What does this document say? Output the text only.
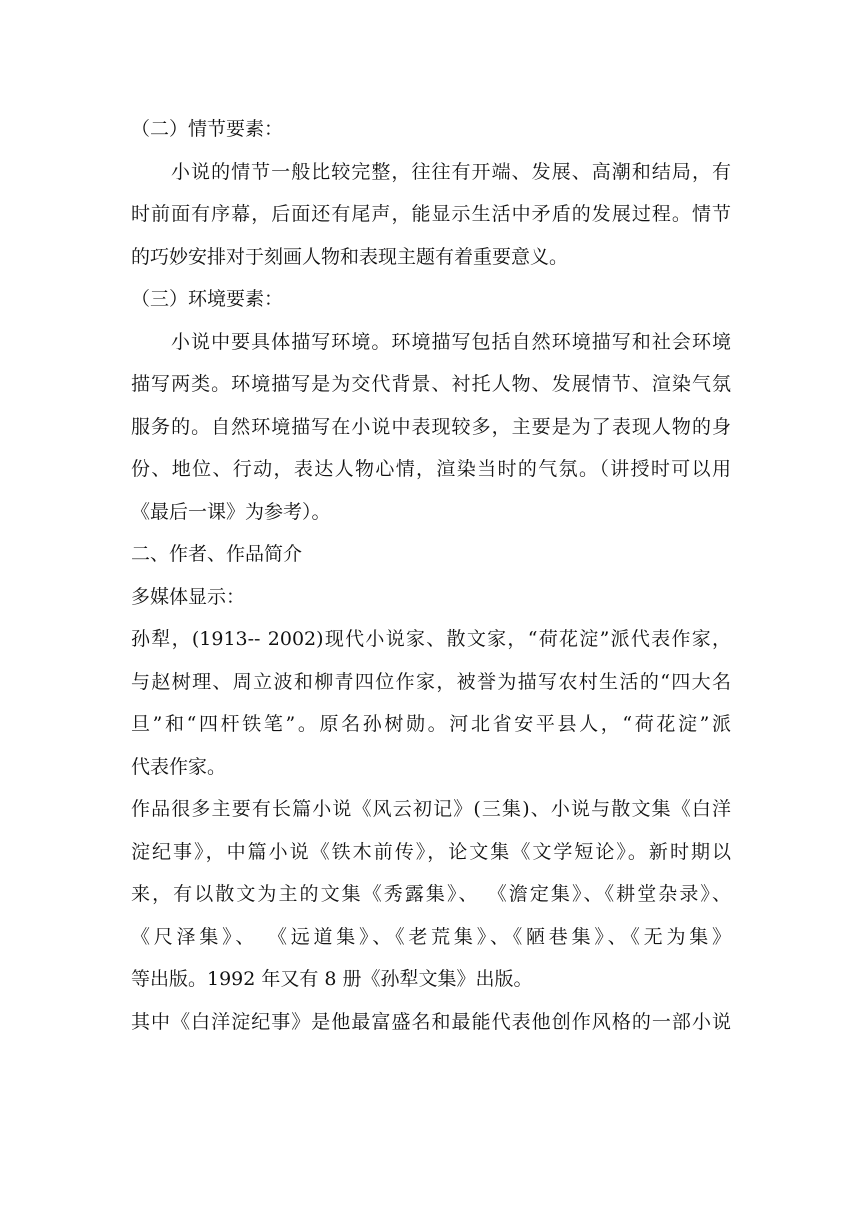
（二）情节要素：
小说的情节一般比较完整，往往有开端、发展、高潮和结局，有
时前面有序幕，后面还有尾声，能显示生活中矛盾的发展过程。情节
的巧妙安排对于刻画人物和表现主题有着重要意义。
（三）环境要素：
小说中要具体描写环境。环境描写包括自然环境描写和社会环境
描写两类。环境描写是为交代背景、衬托人物、发展情节、渲染气氛
服务的。自然环境描写在小说中表现较多，主要是为了表现人物的身
份、地位、行动，表达人物心情，渲染当时的气氛。（讲授时可以用
《最后一课》为参考）。
二、作者、作品简介
多媒体显示：
孙犁，(1913-- 2002)现代小说家、散文家，“荷花淀”派代表作家，
与赵树理、周立波和柳青四位作家，被誉为描写农村生活的“四大名
旦”和“四杆铁笔”。原名孙树勋。河北省安平县人，“荷花淀”派
代表作家。
作品很多主要有长篇小说《风云初记》(三集)、小说与散文集《白洋
淀纪事》，中篇小说《铁木前传》，论文集《文学短论》。新时期以
来，有以散文为主的文集《秀露集》、 《澹定集》、《耕堂杂录》、
《尺泽集》、 《远道集》、《老荒集》、《陋巷集》、《无为集》
等出版。1992 年又有 8 册《孙犁文集》出版。
其中《白洋淀纪事》是他最富盛名和最能代表他创作风格的一部小说
